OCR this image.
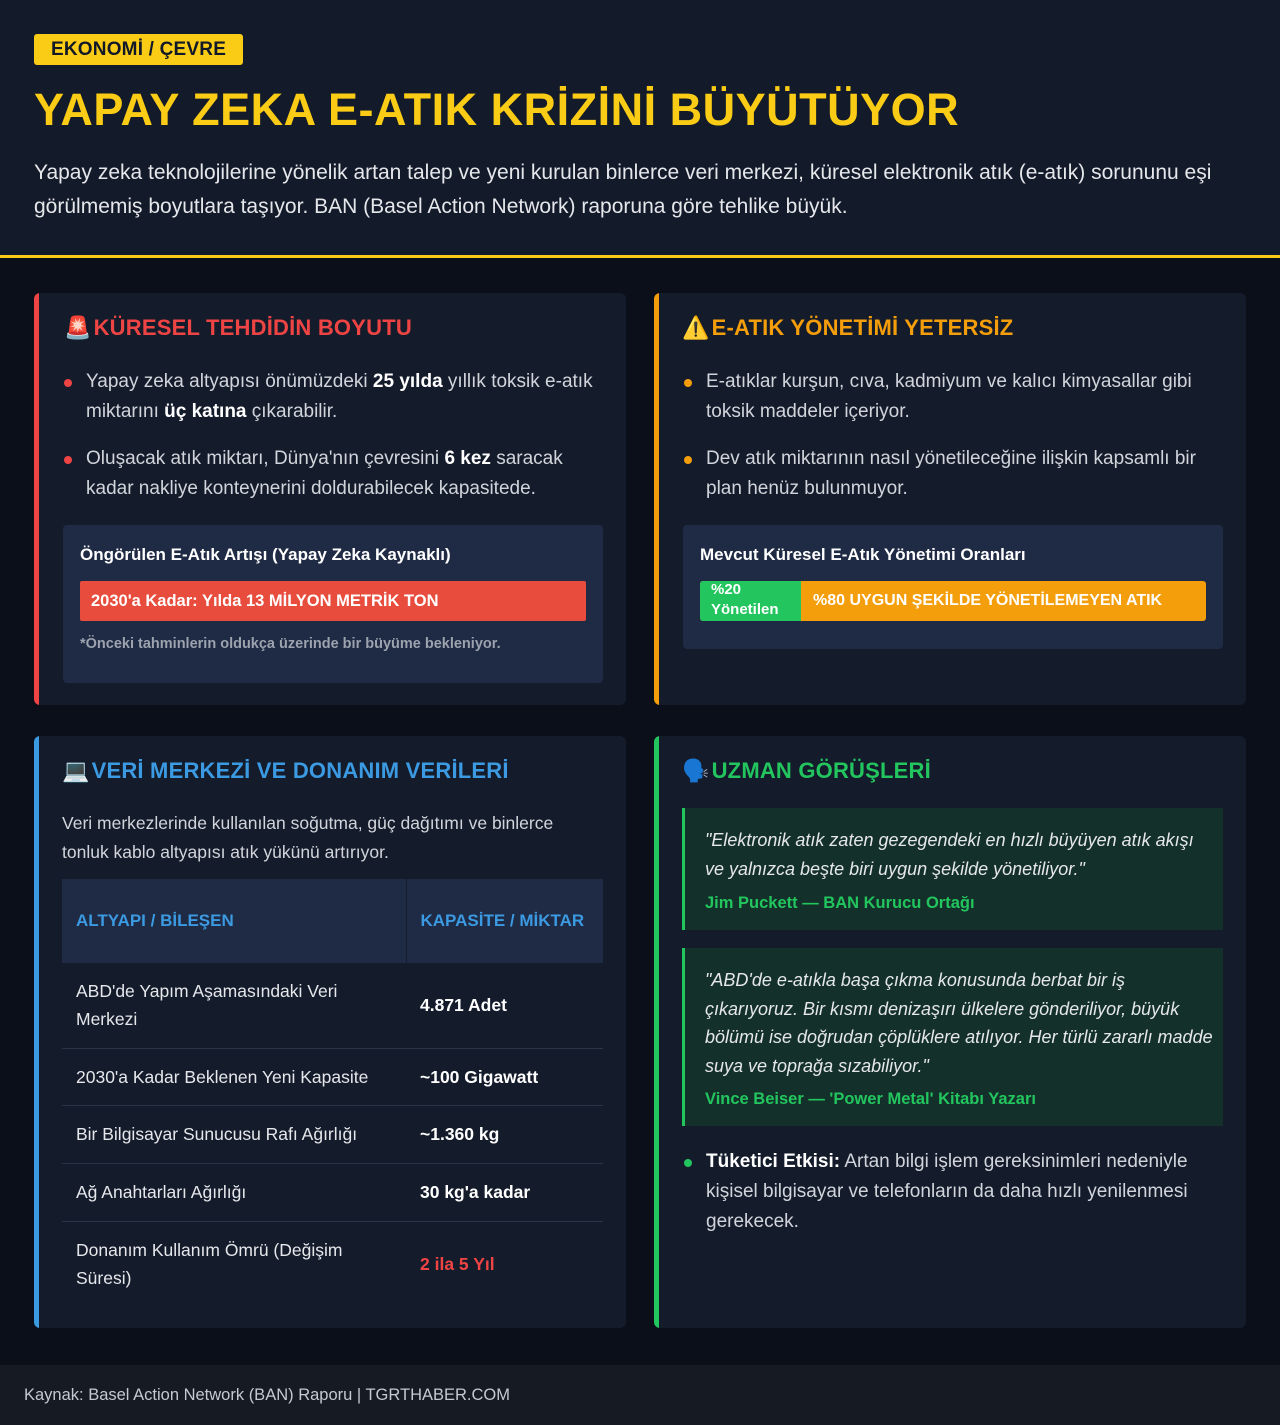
EKONOMİ / ÇEVRE
YAPAY ZEKA E-ATIK KRİZİNİ BÜYÜTÜYOR

Yapay zeka teknolojilerine yönelik artan talep ve yeni kurulan binlerce veri merkezi, küresel elektronik atık (e-atık) sorununu eşi görülmemiş boyutlara taşıyor. BAN (Basel Action Network) raporuna göre tehlike büyük.

🚨KÜRESEL TEHDİDİN BOYUTU
Yapay zeka altyapısı önümüzdeki 25 yılda yıllık toksik e-atık miktarını üç katına çıkarabilir.
Oluşacak atık miktarı, Dünya'nın çevresini 6 kez saracak kadar nakliye konteynerini doldurabilecek kapasitede.
Öngörülen E-Atık Artışı (Yapay Zeka Kaynaklı)
2030'a Kadar: Yılda 13 MİLYON METRİK TON
*Önceki tahminlerin oldukça üzerinde bir büyüme bekleniyor.
⚠️E-ATIK YÖNETİMİ YETERSİZ
E-atıklar kurşun, cıva, kadmiyum ve kalıcı kimyasallar gibi toksik maddeler içeriyor.
Dev atık miktarının nasıl yönetileceğine ilişkin kapsamlı bir plan henüz bulunmuyor.
Mevcut Küresel E-Atık Yönetimi Oranları
%20
Yönetilen
%80 UYGUN ŞEKİLDE YÖNETİLEMEYEN ATIK
💻VERİ MERKEZİ VE DONANIM VERİLERİ

Veri merkezlerinde kullanılan soğutma, güç dağıtımı ve binlerce tonluk kablo altyapısı atık yükünü artırıyor.

ALTYAPI / BİLEŞEN	KAPASİTE / MİKTAR
ABD'de Yapım Aşamasındaki Veri Merkezi	4.871 Adet
2030'a Kadar Beklenen Yeni Kapasite	~100 Gigawatt
Bir Bilgisayar Sunucusu Rafı Ağırlığı	~1.360 kg
Ağ Anahtarları Ağırlığı	30 kg'a kadar
Donanım Kullanım Ömrü (Değişim Süresi)	2 ila 5 Yıl
🗣️UZMAN GÖRÜŞLERİ
"Elektronik atık zaten gezegendeki en hızlı büyüyen atık akışı ve yalnızca beşte biri uygun şekilde yönetiliyor."
Jim Puckett — BAN Kurucu Ortağı
"ABD'de e-atıkla başa çıkma konusunda berbat bir iş çıkarıyoruz. Bir kısmı denizaşırı ülkelere gönderiliyor, büyük bölümü ise doğrudan çöplüklere atılıyor. Her türlü zararlı madde suya ve toprağa sızabiliyor."
Vince Beiser — 'Power Metal' Kitabı Yazarı
Tüketici Etkisi: Artan bilgi işlem gereksinimleri nedeniyle kişisel bilgisayar ve telefonların da daha hızlı yenilenmesi gerekecek.
Kaynak: Basel Action Network (BAN) Raporu | TGRTHABER.COM
